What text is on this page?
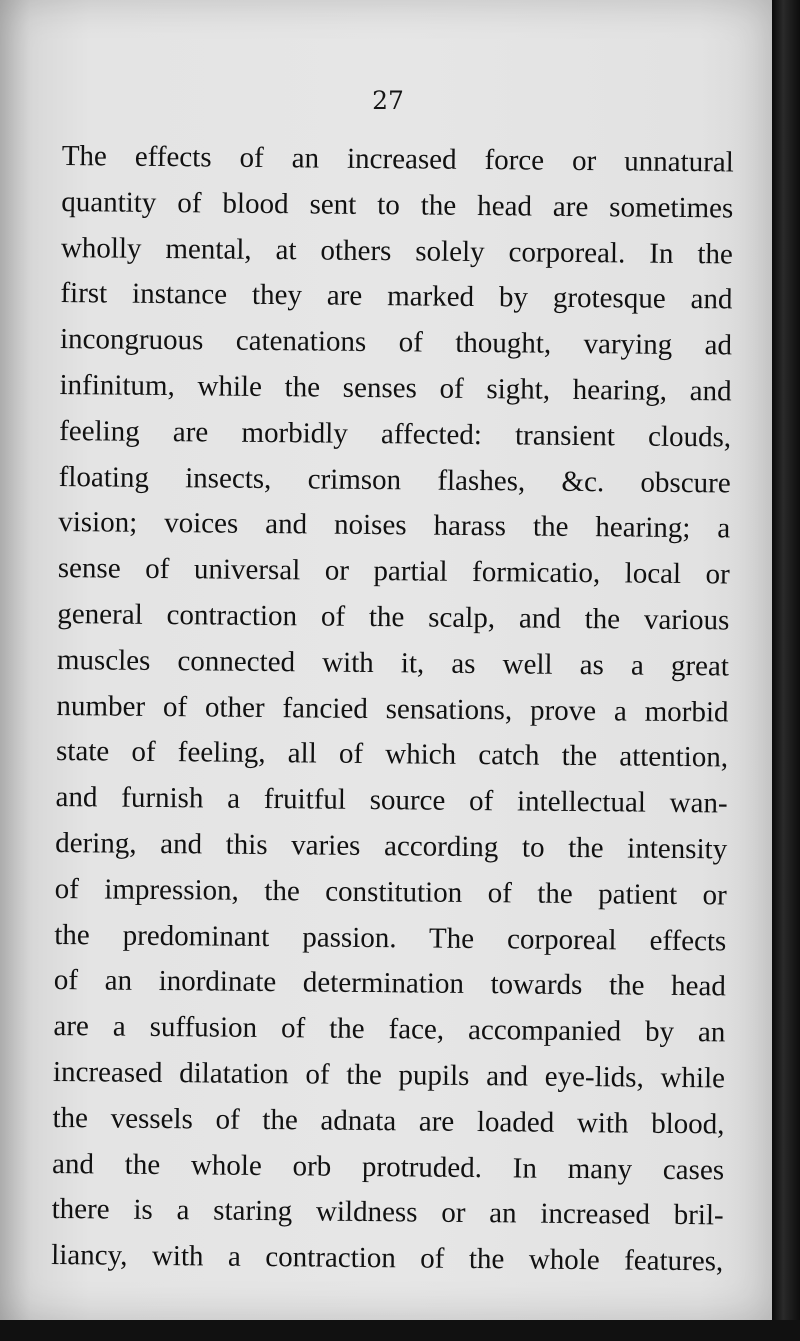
27
The effects of an increased force or unnatural
quantity of blood sent to the head are sometimes
wholly mental, at others solely corporeal. In the
first instance they are marked by grotesque and
incongruous catenations of thought, varying ad
infinitum, while the senses of sight, hearing, and
feeling are morbidly affected: transient clouds,
floating insects, crimson flashes, &c. obscure
vision; voices and noises harass the hearing; a
sense of universal or partial formicatio, local or
general contraction of the scalp, and the various
muscles connected with it, as well as a great
number of other fancied sensations, prove a morbid
state of feeling, all of which catch the attention,
and furnish a fruitful source of intellectual wan-
dering, and this varies according to the intensity
of impression, the constitution of the patient or
the predominant passion. The corporeal effects
of an inordinate determination towards the head
are a suffusion of the face, accompanied by an
increased dilatation of the pupils and eye-lids, while
the vessels of the adnata are loaded with blood,
and the whole orb protruded. In many cases
there is a staring wildness or an increased bril-
liancy, with a contraction of the whole features,
